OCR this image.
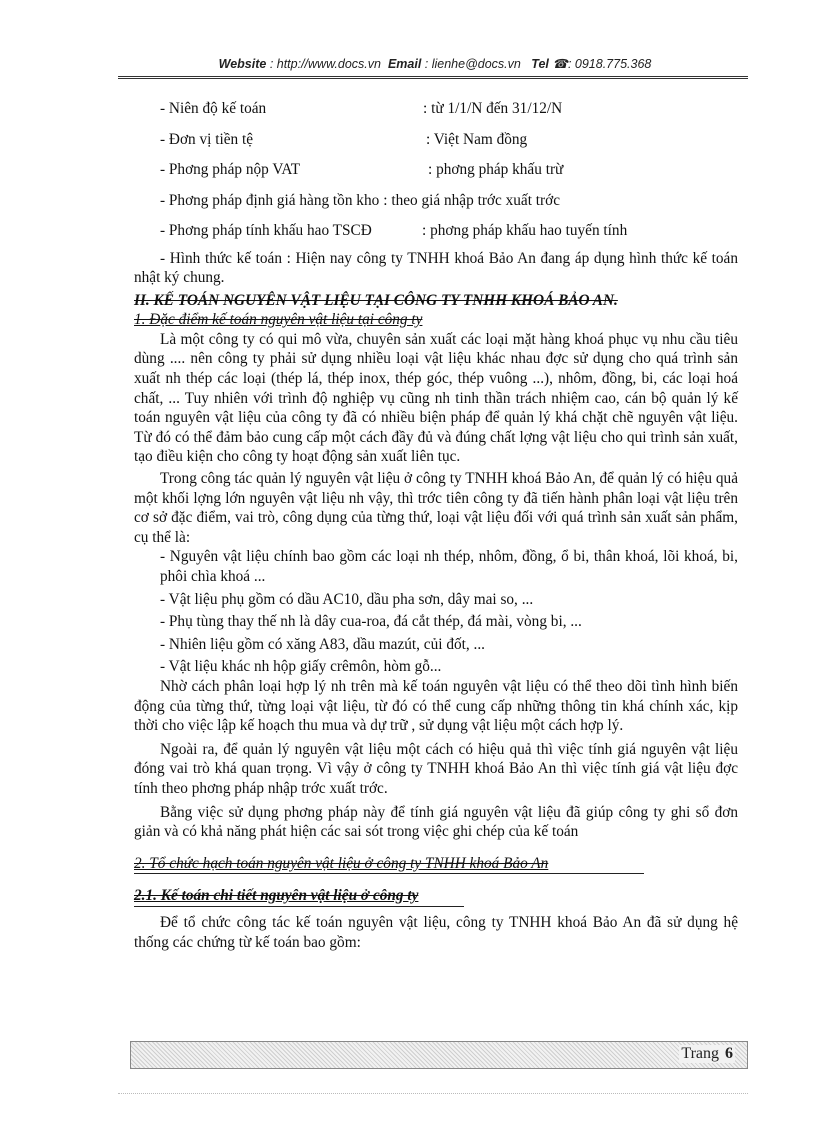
Website : http://www.docs.vn Email : lienhe@docs.vn Tel ☎: 0918.775.368
- Niên độ kế toán	: từ 1/1/N đến 31/12/N
- Đơn vị tiền tệ	: Việt Nam đồng
- Phơng pháp nộp VAT	: phơng pháp khấu trừ
- Phơng pháp định giá hàng tồn kho : theo giá nhập trớc xuất trớc
- Phơng pháp tính khấu hao TSCĐ	: phơng pháp khấu hao tuyến tính

- Hình thức kế toán : Hiện nay công ty TNHH khoá Bảo An đang áp dụng hình thức kế toán nhật ký chung.

II. KẾ TOÁN NGUYÊN VẬT LIỆU TẠI CÔNG TY TNHH KHOÁ BẢO AN.
1. Đặc điểm kế toán nguyên vật liệu tại công ty

Là một công ty có qui mô vừa, chuyên sản xuất các loại mặt hàng khoá phục vụ nhu cầu tiêu dùng .... nên công ty phải sử dụng nhiều loại vật liệu khác nhau đợc sử dụng cho quá trình sản xuất nh thép các loại (thép lá, thép inox, thép góc, thép vuông ...), nhôm, đồng, bi, các loại hoá chất, ... Tuy nhiên với trình độ nghiệp vụ cũng nh tinh thần trách nhiệm cao, cán bộ quản lý kế toán nguyên vật liệu của công ty đã có nhiều biện pháp để quản lý khá chặt chẽ nguyên vật liệu. Từ đó có thể đảm bảo cung cấp một cách đầy đủ và đúng chất lợng vật liệu cho qui trình sản xuất, tạo điều kiện cho công ty hoạt động sản xuất liên tục.

Trong công tác quản lý nguyên vật liệu ở công ty TNHH khoá Bảo An, để quản lý có hiệu quả một khối lợng lớn nguyên vật liệu nh vậy, thì trớc tiên công ty đã tiến hành phân loại vật liệu trên cơ sở đặc điểm, vai trò, công dụng của từng thứ, loại vật liệu đối với quá trình sản xuất sản phẩm, cụ thể là:

- Nguyên vật liệu chính bao gồm các loại nh thép, nhôm, đồng, ổ bi, thân khoá, lõi khoá, bi, phôi chìa khoá ...

- Vật liệu phụ gồm có dầu AC10, dầu pha sơn, dây mai so, ...

- Phụ tùng thay thế nh là dây cua-roa, đá cắt thép, đá mài, vòng bi, ...

- Nhiên liệu gồm có xăng A83, dầu mazút, củi đốt, ...

- Vật liệu khác nh hộp giấy crêmôn, hòm gỗ...

Nhờ cách phân loại hợp lý nh trên mà kế toán nguyên vật liệu có thể theo dõi tình hình biến động của từng thứ, từng loại vật liệu, từ đó có thể cung cấp những thông tin khá chính xác, kịp thời cho việc lập kế hoạch thu mua và dự trữ , sử dụng vật liệu một cách hợp lý.

Ngoài ra, để quản lý nguyên vật liệu một cách có hiệu quả thì việc tính giá nguyên vật liệu đóng vai trò khá quan trọng. Vì vậy ở công ty TNHH khoá Bảo An thì việc tính giá vật liệu đợc tính theo phơng pháp nhập trớc xuất trớc.

Bằng việc sử dụng phơng pháp này để tính giá nguyên vật liệu đã giúp công ty ghi sổ đơn giản và có khả năng phát hiện các sai sót trong việc ghi chép của kế toán

2. Tổ chức hạch toán nguyên vật liệu ở công ty TNHH khoá Bảo An
2.1. Kế toán chi tiết nguyên vật liệu ở công ty

Để tổ chức công tác kế toán nguyên vật liệu, công ty TNHH khoá Bảo An đã sử dụng hệ thống các chứng từ kế toán bao gồm:

Trang 6
